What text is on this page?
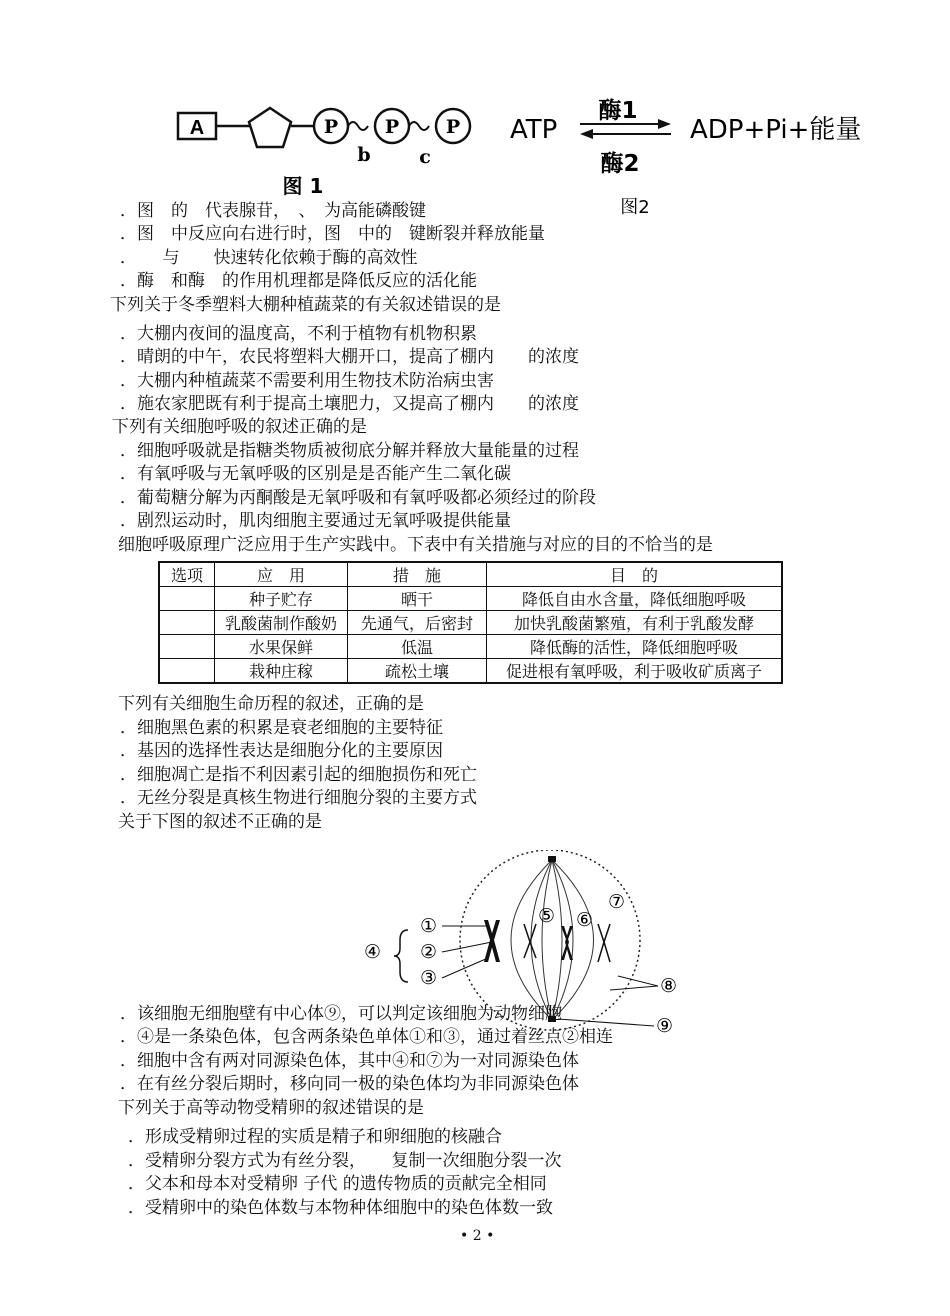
A	P P P
b	c
图 1
ATP
酶1
酶2
ADP+Pi+能量
图2
．图　的　代表腺苷，　、　为高能磷酸键
．图　中反应向右进行时，图　中的　键断裂并释放能量
．　　与　　快速转化依赖于酶的高效性
．酶　和酶　的作用机理都是降低反应的活化能
下列关于冬季塑料大棚种植蔬菜的有关叙述错误的是
．大棚内夜间的温度高，不利于植物有机物积累
．晴朗的中午，农民将塑料大棚开口，提高了棚内　　的浓度
．大棚内种植蔬菜不需要利用生物技术防治病虫害
．施农家肥既有利于提高土壤肥力，又提高了棚内　　的浓度
下列有关细胞呼吸的叙述正确的是
．细胞呼吸就是指糖类物质被彻底分解并释放大量能量的过程
．有氧呼吸与无氧呼吸的区别是是否能产生二氧化碳
．葡萄糖分解为丙酮酸是无氧呼吸和有氧呼吸都必须经过的阶段
．剧烈运动时，肌肉细胞主要通过无氧呼吸提供能量
细胞呼吸原理广泛应用于生产实践中。下表中有关措施与对应的目的不恰当的是
选项	应　用	措　施	目　的
	种子贮存	晒干	降低自由水含量，降低细胞呼吸
	乳酸菌制作酸奶	先通气，后密封	加快乳酸菌繁殖，有利于乳酸发酵
	水果保鲜	低温	降低酶的活性，降低细胞呼吸
	栽种庄稼	疏松土壤	促进根有氧呼吸，利于吸收矿质离子
下列有关细胞生命历程的叙述，正确的是
．细胞黑色素的积累是衰老细胞的主要特征
．基因的选择性表达是细胞分化的主要原因
．细胞凋亡是指不利因素引起的细胞损伤和死亡
．无丝分裂是真核生物进行细胞分裂的主要方式
关于下图的叙述不正确的是
①
②
③
④
⑤ ⑥
⑦
⑧
⑨
．该细胞无细胞壁有中心体⑨，可以判定该细胞为动物细胞
．④是一条染色体，包含两条染色单体①和③，通过着丝点②相连
．细胞中含有两对同源染色体，其中④和⑦为一对同源染色体
．在有丝分裂后期时，移向同一极的染色体均为非同源染色体
下列关于高等动物受精卵的叙述错误的是
．形成受精卵过程的实质是精子和卵细胞的核融合
．受精卵分裂方式为有丝分裂，　　复制一次细胞分裂一次
．父本和母本对受精卵 子代 的遗传物质的贡献完全相同
．受精卵中的染色体数与本物种体细胞中的染色体数一致
• 2 •
